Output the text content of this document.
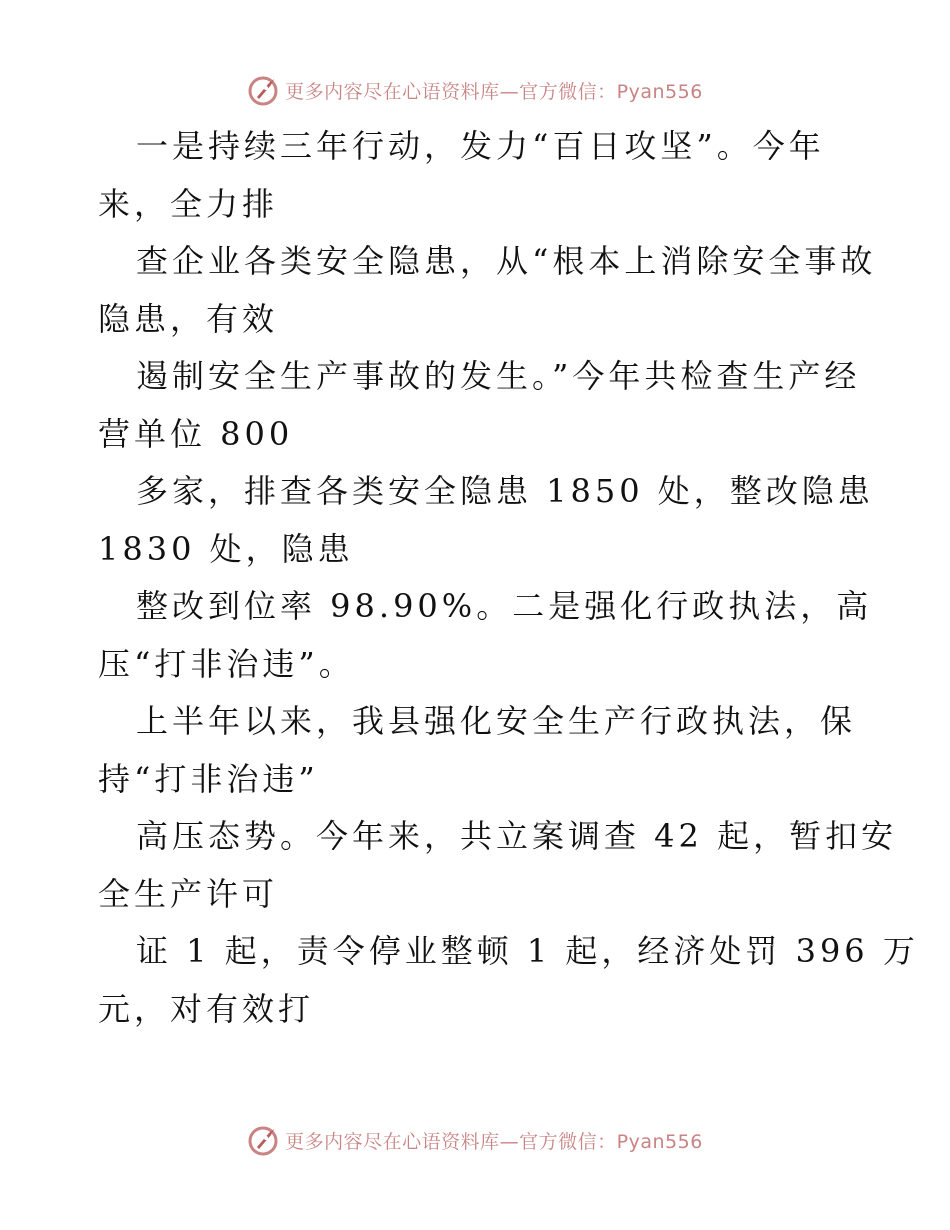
更多内容尽在心语资料库—官方微信：Pyan556
一是持续三年行动，发力“百日攻坚”。今年
来，全力排
查企业各类安全隐患，从“根本上消除安全事故
隐患，有效
遏制安全生产事故的发生。”今年共检查生产经
营单位 800
多家，排查各类安全隐患 1850 处，整改隐患
1830 处，隐患
整改到位率 98.90%。二是强化行政执法，高
压“打非治违”。
上半年以来，我县强化安全生产行政执法，保
持“打非治违”
高压态势。今年来，共立案调查 42 起，暂扣安
全生产许可
证 1 起，责令停业整顿 1 起，经济处罚 396 万
元，对有效打
更多内容尽在心语资料库—官方微信：Pyan556
